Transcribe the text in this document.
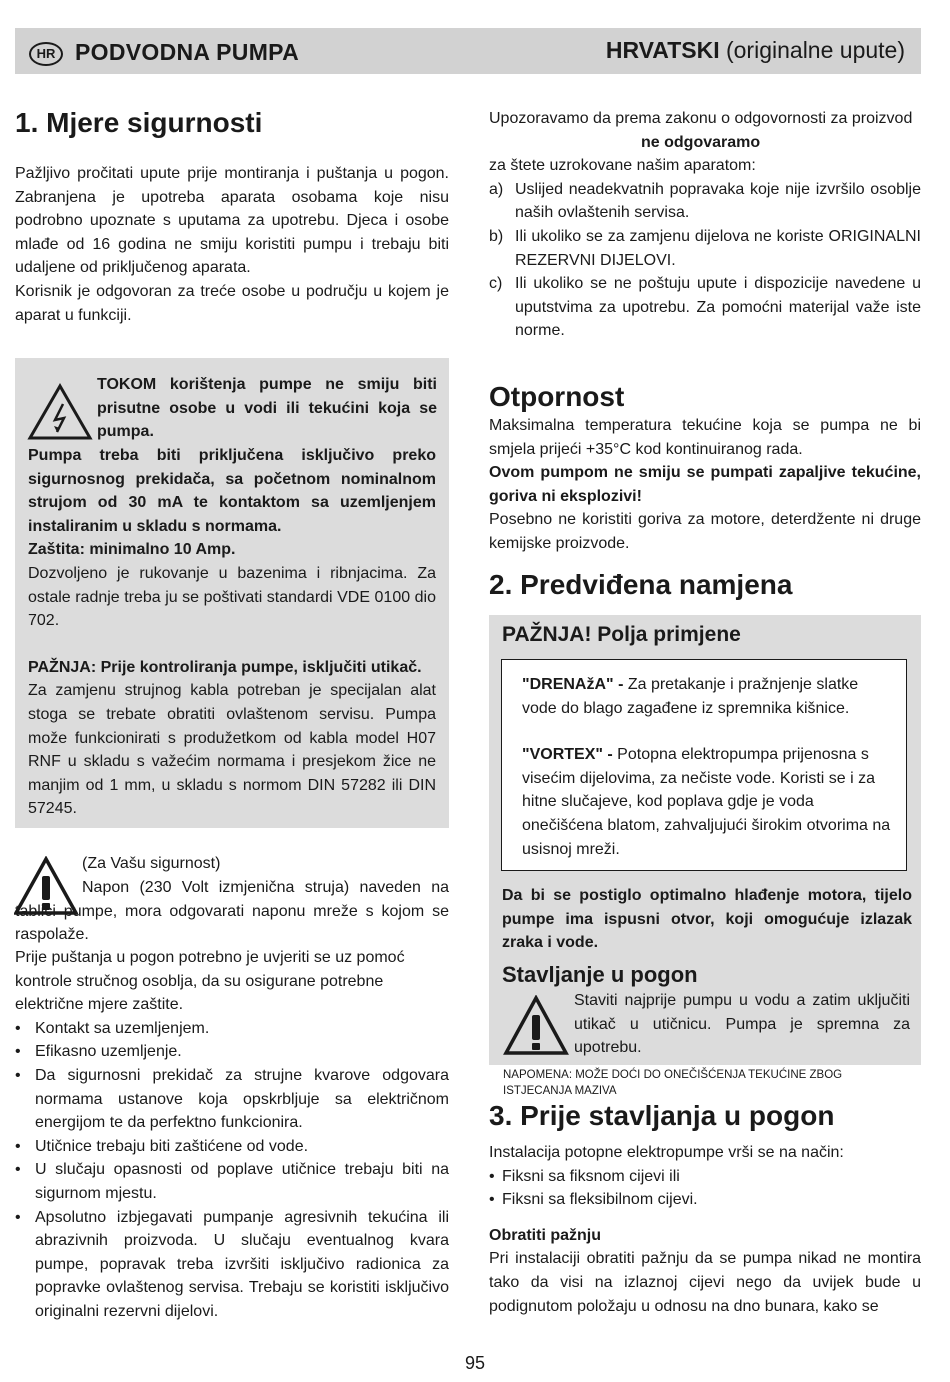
HR PODVODNA PUMPA	HRVATSKI (originalne upute)
1. Mjere sigurnosti

Pažljivo pročitati upute prije montiranja i puštanja u pogon. Zabranjena je upotreba aparata osobama koje nisu podrobno upoznate s uputama za upotrebu. Djeca i osobe mlađe od 16 godina ne smiju koristiti pumpu i trebaju biti udaljene od priključenog aparata.

Korisnik je odgovoran za treće osobe u području u kojem je aparat u funkciji.

TOKOM korištenja pumpe ne smiju biti prisutne osobe u vodi ili tekućini koja se pumpa.

Pumpa treba biti priključena isključivo preko sigurnosnog prekidača, sa početnom nominalnom strujom od 30 mA te kontaktom sa uzemljenjem instaliranim u skladu s normama.

Zaštita: minimalno 10 Amp.

Dozvoljeno je rukovanje u bazenima i ribnjacima. Za ostale radnje treba ju se poštivati standardi VDE 0100 dio 702.

PAŽNJA: Prije kontroliranja pumpe, isključiti utikač.

Za zamjenu strujnog kabla potreban je specijalan alat stoga se trebate obratiti ovlaštenom servisu. Pumpa može funkcionirati s produžetkom od kabla model H07 RNF u skladu s važećim normama i presjekom žice ne manjim od 1 mm, u skladu s normom DIN 57282 ili DIN 57245.

(Za Vašu sigurnost)

Napon (230 Volt izmjenična struja) naveden na tablici pumpe, mora odgovarati naponu mreže s kojom se raspolaže.

Prije puštanja u pogon potrebno je uvjeriti se uz pomoć kontrole stručnog osoblja, da su osigurane potrebne električne mjere zaštite.

• Kontakt sa uzemljenjem.
• Efikasno uzemljenje.
• Da sigurnosni prekidač za strujne kvarove odgovara normama ustanove koja opskrbljuje sa električnom energijom te da perfektno funkcionira.
• Utičnice trebaju biti zaštićene od vode.
• U slučaju opasnosti od poplave utičnice trebaju biti na sigurnom mjestu.
• Apsolutno izbjegavati pumpanje agresivnih tekućina ili abrazivnih proizvoda. U slučaju eventualnog kvara pumpe, popravak treba izvršiti isključivo radionica za popravke ovlaštenog servisa. Trebaju se koristiti isključivo originalni rezervni dijelovi.

Upozoravamo da prema zakonu o odgovornosti za proizvod

ne odgovaramo

za štete uzrokovane našim aparatom:

a) Uslijed neadekvatnih popravaka koje nije izvršilo osoblje naših ovlaštenih servisa.
b) Ili ukoliko se za zamjenu dijelova ne koriste ORIGINALNI REZERVNI DIJELOVI.
c) Ili ukoliko se ne poštuju upute i dispozicije navedene u uputstvima za upotrebu. Za pomoćni materijal važe iste norme.
Otpornost

Maksimalna temperatura tekućine koja se pumpa ne bi smjela prijeći +35°C kod kontinuiranog rada.

Ovom pumpom ne smiju se pumpati zapaljive tekućine, goriva ni eksplozivi!

Posebno ne koristiti goriva za motore, deterdžente ni druge kemijske proizvode.

2. Predviđena namjena

PAŽNJA! Polja primjene

"DRENAžA" - Za pretakanje i pražnjenje slatke vode do blago zagađene iz spremnika kišnice.

"VORTEX" - Potopna elektropumpa prijenosna s visećim dijelovima, za nečiste vode. Koristi se i za hitne slučajeve, kod poplava gdje je voda onečišćena blatom, zahvaljujući širokim otvorima na usisnoj mreži.

Da bi se postiglo optimalno hlađenje motora, tijelo pumpe ima ispusni otvor, koji omogućuje izlazak zraka i vode.

Stavljanje u pogon

Staviti najprije pumpu u vodu a zatim uključiti utikač u utičnicu. Pumpa je spremna za upotrebu.

NAPOMENA: MOŽE DOĆI DO ONEČIŠĆENJA TEKUĆINE ZBOG ISTJECANJA MAZIVA

3. Prije stavljanja u pogon

Instalacija potopne elektropumpe vrši se na način:

• Fiksni sa fiksnom cijevi ili
• Fiksni sa fleksibilnom cijevi.

Obratiti pažnju

Pri instalaciji obratiti pažnju da se pumpa nikad ne montira tako da visi na izlaznoj cijevi nego da uvijek bude u podignutom položaju u odnosu na dno bunara, kako se

95
